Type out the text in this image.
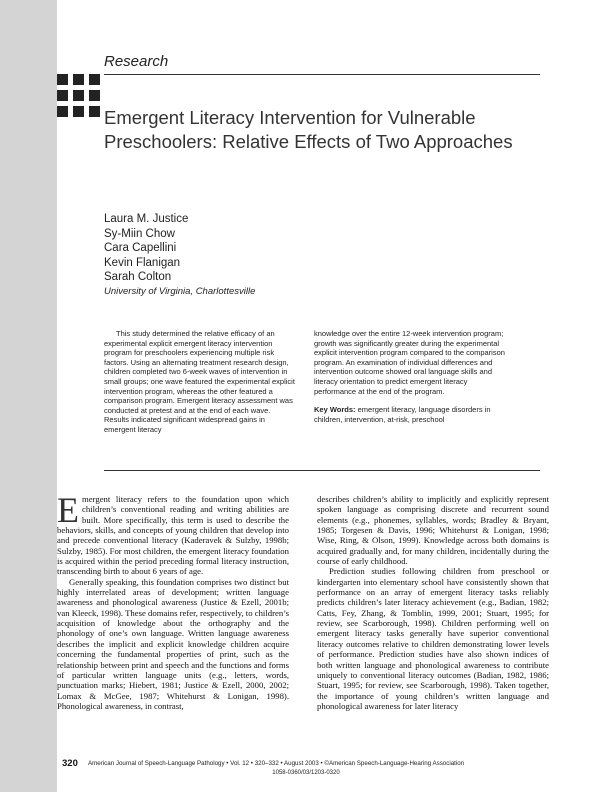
Research
Emergent Literacy Intervention for Vulnerable Preschoolers: Relative Effects of Two Approaches
Laura M. Justice
Sy-Miin Chow
Cara Capellini
Kevin Flanigan
Sarah Colton
University of Virginia, Charlottesville
This study determined the relative efficacy of an experimental explicit emergent literacy intervention program for preschoolers experiencing multiple risk factors. Using an alternating treatment research design, children completed two 6-week waves of intervention in small groups; one wave featured the experimental explicit intervention program, whereas the other featured a comparison program. Emergent literacy assessment was conducted at pretest and at the end of each wave. Results indicated significant widespread gains in emergent literacy

knowledge over the entire 12-week intervention program; growth was significantly greater during the experimental explicit intervention program compared to the comparison program. An examination of individual differences and intervention outcome showed oral language skills and literacy orientation to predict emergent literacy performance at the end of the program.

Key Words: emergent literacy, language disorders in children, intervention, at-risk, preschool

Emergent literacy refers to the foundation upon which children’s conventional reading and writing abilities are built. More specifically, this term is used to describe the behaviors, skills, and concepts of young children that develop into and precede conventional literacy (Kaderavek & Sulzby, 1998b; Sulzby, 1985). For most children, the emergent literacy foundation is acquired within the period preceding formal literacy instruction, transcending birth to about 6 years of age.

Generally speaking, this foundation comprises two distinct but highly interrelated areas of development; written language awareness and phonological awareness (Justice & Ezell, 2001b; van Kleeck, 1998). These domains refer, respectively, to children’s acquisition of knowledge about the orthography and the phonology of one’s own language. Written language awareness describes the implicit and explicit knowledge children acquire concerning the fundamental properties of print, such as the relationship between print and speech and the functions and forms of particular written language units (e.g., letters, words, punctuation marks; Hiebert, 1981; Justice & Ezell, 2000, 2002; Lomax & McGee, 1987; Whitehurst & Lonigan, 1998). Phonological awareness, in contrast,

describes children’s ability to implicitly and explicitly represent spoken language as comprising discrete and recurrent sound elements (e.g., phonemes, syllables, words; Bradley & Bryant, 1985; Torgesen & Davis, 1996; Whitehurst & Lonigan, 1998; Wise, Ring, & Olson, 1999). Knowledge across both domains is acquired gradually and, for many children, incidentally during the course of early childhood.

Prediction studies following children from preschool or kindergarten into elementary school have consistently shown that performance on an array of emergent literacy tasks reliably predicts children’s later literacy achievement (e.g., Badian, 1982; Catts, Fey, Zhang, & Tomblin, 1999, 2001; Stuart, 1995; for review, see Scarborough, 1998). Children performing well on emergent literacy tasks generally have superior conventional literacy outcomes relative to children demonstrating lower levels of performance. Prediction studies have also shown indices of both written language and phonological awareness to contribute uniquely to conventional literacy outcomes (Badian, 1982, 1986; Stuart, 1995; for review, see Scarborough, 1998). Taken together, the importance of young children’s written language and phonological awareness for later literacy

320 American Journal of Speech-Language Pathology • Vol. 12 • 320–332 • August 2003 • ©American Speech-Language-Hearing Association
1058-0360/03/1203-0320
